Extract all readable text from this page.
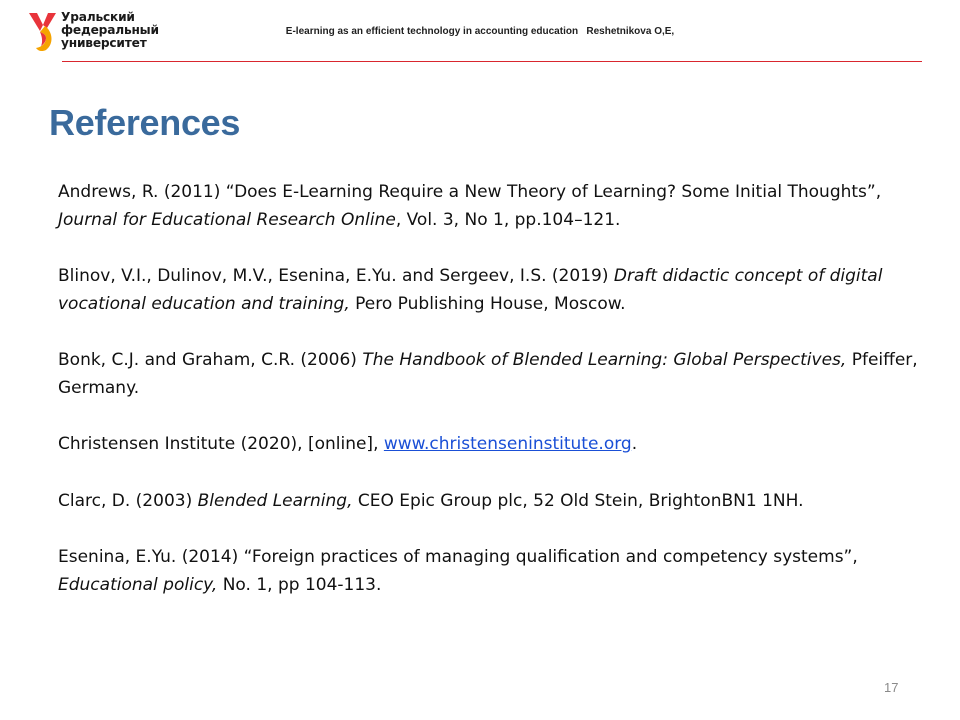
Уральский
федеральный
университет
E-learning as an efficient technology in accounting education   Reshetnikova O,E,
References

Andrews, R. (2011) “Does E-Learning Require a New Theory of Learning? Some Initial Thoughts”, Journal for Educational Research Online, Vol. 3, No 1, pp.104–121.

Blinov, V.I., Dulinov, M.V., Esenina, E.Yu. and Sergeev, I.S. (2019) Draft didactic concept of digital vocational education and training, Pero Publishing House, Moscow.

Bonk, C.J. and Graham, C.R. (2006) The Handbook of Blended Learning: Global Perspectives, Pfeiffer, Germany.

Christensen Institute (2020), [online], www.christenseninstitute.org.

Clarc, D. (2003) Blended Learning, CEO Epic Group plc, 52 Old Stein, BrightonBN1 1NH.

Esenina, E.Yu. (2014) “Foreign practices of managing qualification and competency systems”, Educational policy, No. 1, pp 104-113.

17
